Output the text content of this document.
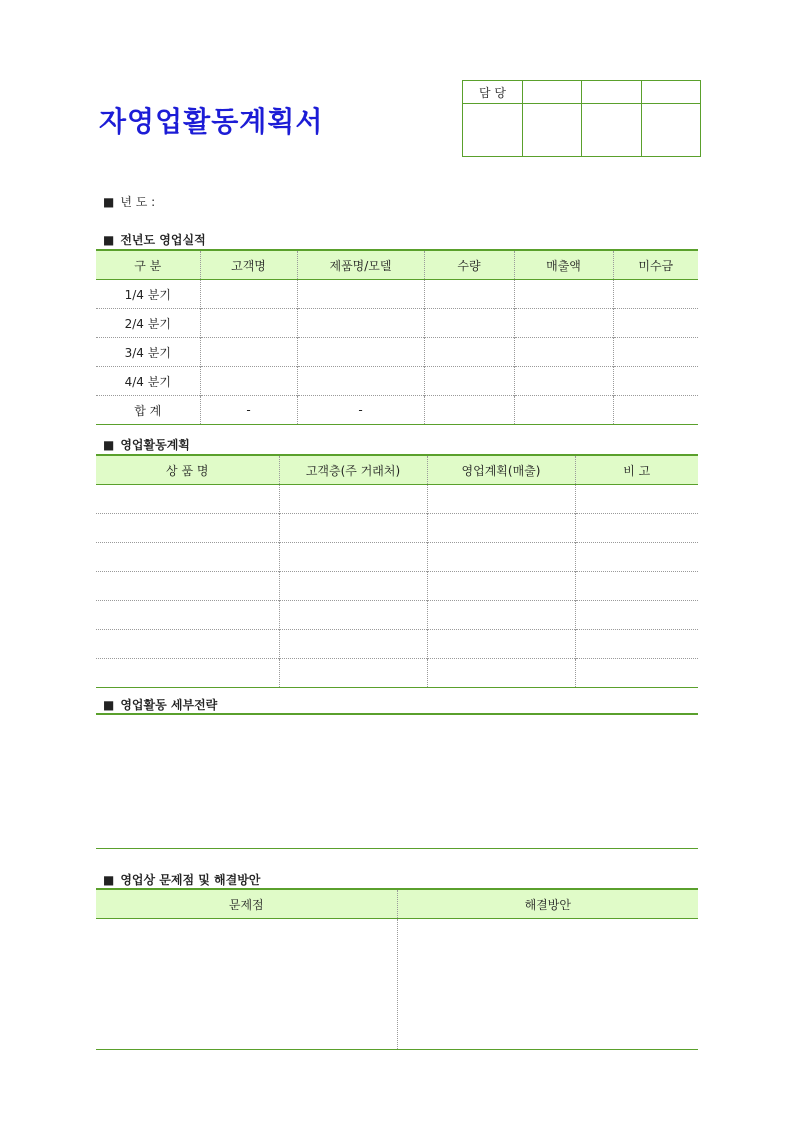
자영업활동계획서
담 당			

■ 년 도 :
■ 전년도 영업실적
구 분	고객명	제품명/모델	수량	매출액	미수금
1/4 분기					
2/4 분기					
3/4 분기					
4/4 분기					
합 계	-	-			
■ 영업활동계획
상 품 명	고객층(주 거래처)	영업계획(매출)	비 고

■ 영업활동 세부전략
■ 영업상 문제점 및 해결방안
문제점	해결방안
